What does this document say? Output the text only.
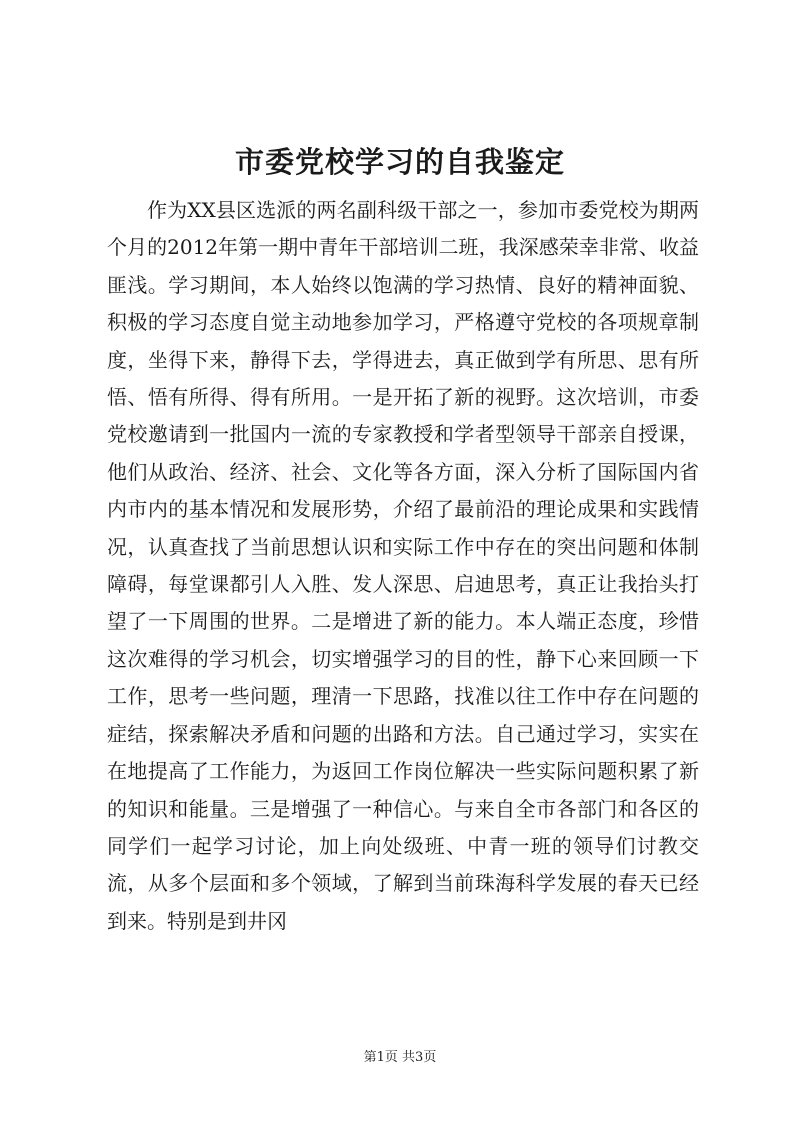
市委党校学习的自我鉴定

作为XX县区选派的两名副科级干部之一，参加市委党校为期两个月的2012年第一期中青年干部培训二班，我深感荣幸非常、收益匪浅。学习期间，本人始终以饱满的学习热情、良好的精神面貌、积极的学习态度自觉主动地参加学习，严格遵守党校的各项规章制度，坐得下来，静得下去，学得进去，真正做到学有所思、思有所悟、悟有所得、得有所用。一是开拓了新的视野。这次培训，市委党校邀请到一批国内一流的专家教授和学者型领导干部亲自授课，他们从政治、经济、社会、文化等各方面，深入分析了国际国内省内市内的基本情况和发展形势，介绍了最前沿的理论成果和实践情况，认真查找了当前思想认识和实际工作中存在的突出问题和体制障碍，每堂课都引人入胜、发人深思、启迪思考，真正让我抬头打望了一下周围的世界。二是增进了新的能力。本人端正态度，珍惜这次难得的学习机会，切实增强学习的目的性，静下心来回顾一下工作，思考一些问题，理清一下思路，找准以往工作中存在问题的症结，探索解决矛盾和问题的出路和方法。自己通过学习，实实在在地提高了工作能力，为返回工作岗位解决一些实际问题积累了新的知识和能量。三是增强了一种信心。与来自全市各部门和各区的同学们一起学习讨论，加上向处级班、中青一班的领导们讨教交流，从多个层面和多个领域，了解到当前珠海科学发展的春天已经到来。特别是到井冈

第1页 共3页
